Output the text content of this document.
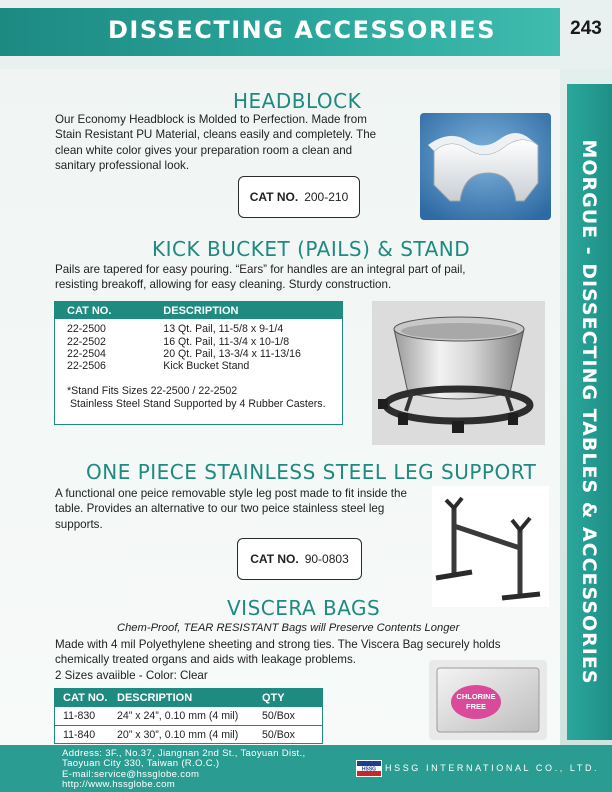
DISSECTING ACCESSORIES	243
MORGUE - DISSECTING TABLES & ACCESSORIES
HEADBLOCK
Our Economy Headblock is Molded to Perfection. Made from
Stain Resistant PU Material, cleans easily and completely. The
clean white color gives your preparation room a clean and
sanitary professional look.
CAT NO. 200-210
KICK BUCKET (PAILS) & STAND
Pails are tapered for easy pouring. “Ears” for handles are an integral part of pail,
resisting breakoff, allowing for easy cleaning. Sturdy construction.
CAT NO.	DESCRIPTION
22-2500	13 Qt. Pail, 11-5/8 x 9-1/4
22-2502	16 Qt. Pail, 11-3/4 x 10-1/8
22-2504	20 Qt. Pail, 13-3/4 x 11-13/16
22-2506	Kick Bucket Stand
*Stand Fits Sizes 22-2500 / 22-2502
Stainless Steel Stand Supported by 4 Rubber Casters.
ONE PIECE STAINLESS STEEL LEG SUPPORT
A functional one peice removable style leg post made to fit inside the
table. Provides an alternative to our two peice stainless steel leg
supports.
CAT NO. 90-0803
VISCERA BAGS
Chem-Proof, TEAR RESISTANT Bags will Preserve Contents Longer
Made with 4 mil Polyethylene sheeting and strong ties. The Viscera Bag securely holds
chemically treated organs and aids with leakage problems.
2 Sizes avaiible - Color: Clear
CAT NO. DESCRIPTION	QTY
11-830	24” x 24”, 0.10 mm (4 mil)	50/Box
11-840	20” x 30”, 0.10 mm (4 mil)	50/Box
CHLORINE
FREE
Address: 3F., No.37, Jiangnan 2nd St., Taoyuan Dist.,
Taoyuan City 330, Taiwan (R.O.C.)
E-mail:service@hssglobe.com
http://www.hssglobe.com
HSSG HSSG INTERNATIONAL CO., LTD.
